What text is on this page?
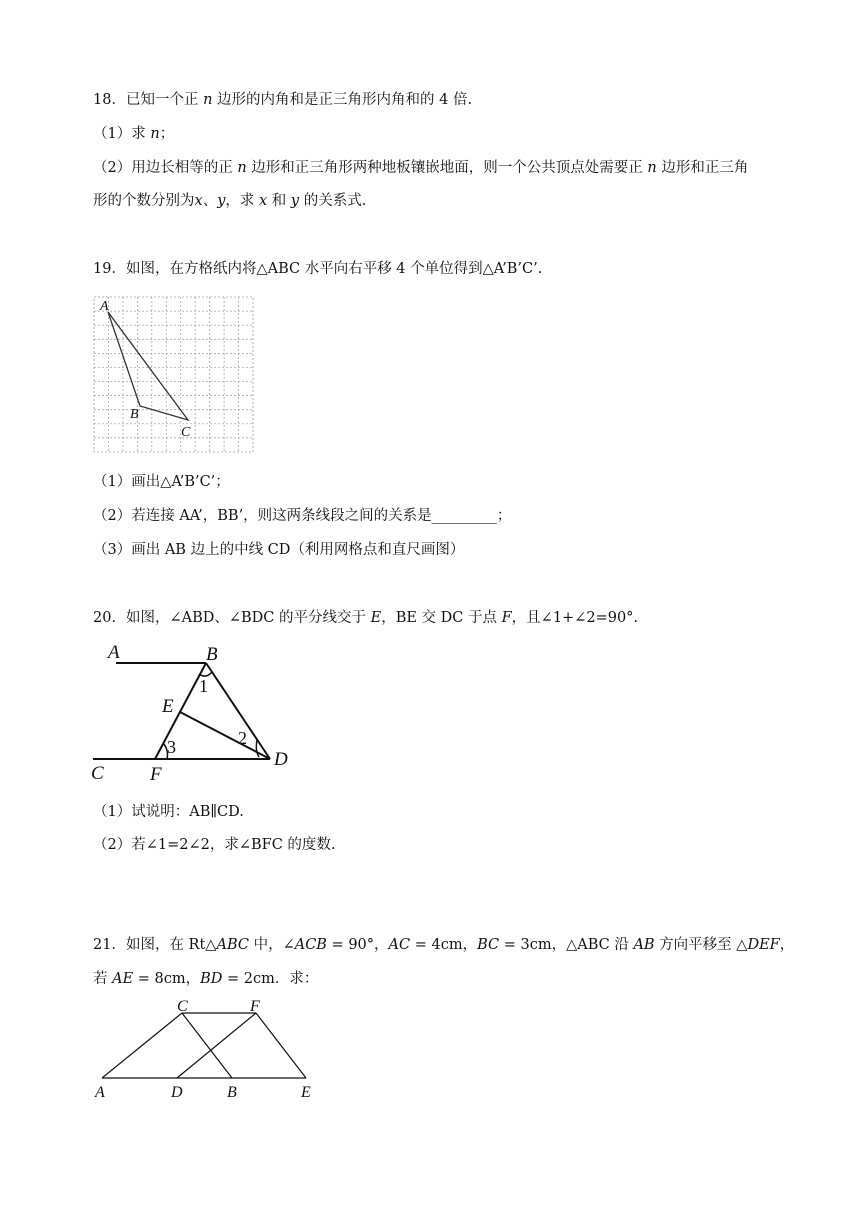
18．已知一个正 n 边形的内角和是正三角形内角和的 4 倍.
（1）求 n；
（2）用边长相等的正 n 边形和正三角形两种地板镶嵌地面，则一个公共顶点处需要正 n 边形和正三角
形的个数分别为x、y，求 x 和 y 的关系式.
19．如图，在方格纸内将△ABC 水平向右平移 4 个单位得到△A’B’C’.
A
B
C
（1）画出△A’B’C’；
（2）若连接 AA’，BB’，则这两条线段之间的关系是_________；
（3）画出 AB 边上的中线 CD（利用网格点和直尺画图）
20．如图，∠ABD、∠BDC 的平分线交于 E，BE 交 DC 于点 F，且∠1+∠2=90°.
A	B
C
D
E
F
1
2
3
（1）试说明：AB∥CD.
（2）若∠1=2∠2，求∠BFC 的度数.
21．如图，在 Rt△ABC 中，∠ACB = 90°，AC = 4cm，BC = 3cm，△ABC 沿 AB 方向平移至 △DEF，
若 AE = 8cm，BD = 2cm．求：
C	F
A	D	B	E
